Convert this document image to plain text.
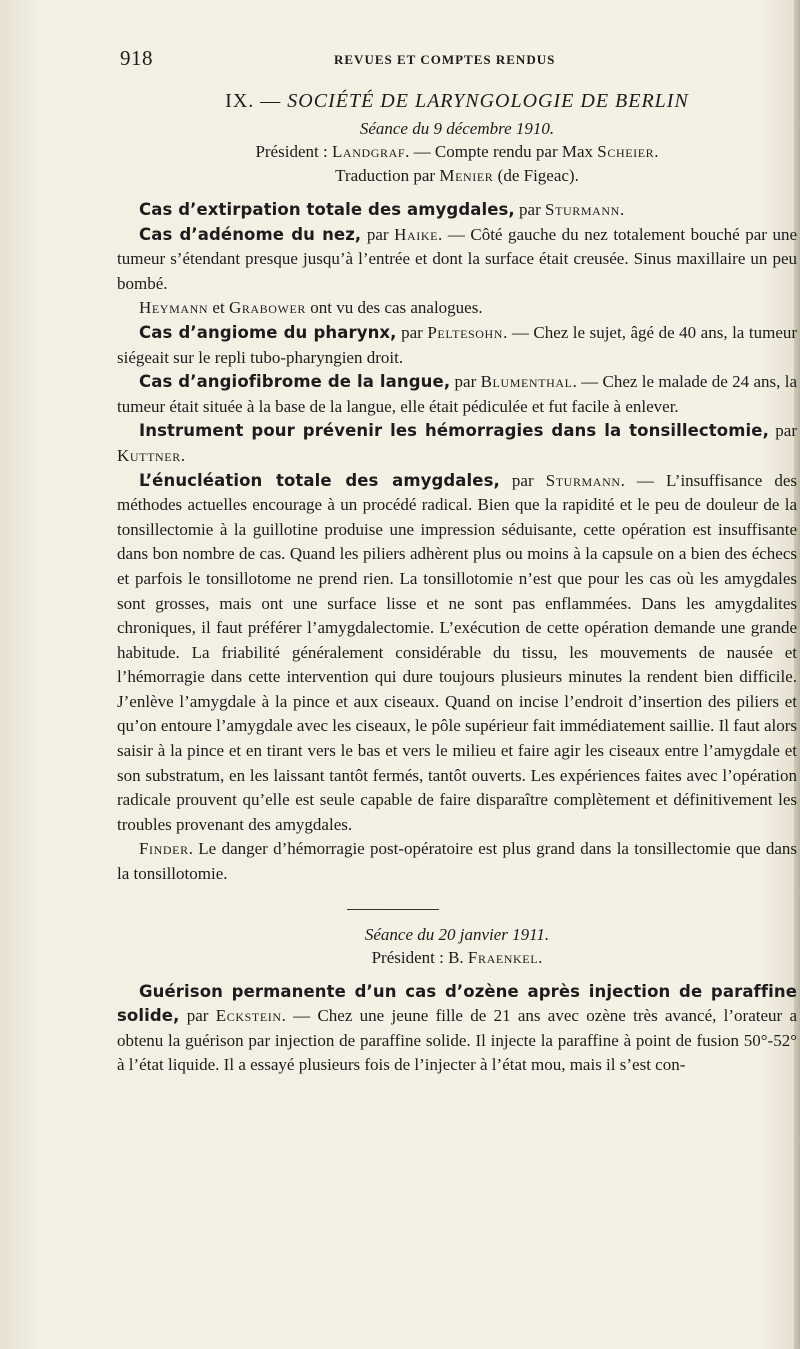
918	REVUES ET COMPTES RENDUS

IX. — SOCIÉTÉ DE LARYNGOLOGIE DE BERLIN

Séance du 9 décembre 1910.

Président : Landgraf. — Compte rendu par Max Scheier.

Traduction par Menier (de Figeac).

Cas d’extirpation totale des amygdales, par Sturmann.

Cas d’adénome du nez, par Haike. — Côté gauche du nez totalement bouché par une tumeur s’étendant presque jusqu’à l’entrée et dont la surface était creusée. Sinus maxillaire un peu bombé.

Heymann et Grabower ont vu des cas analogues.

Cas d’angiome du pharynx, par Peltesohn. — Chez le sujet, âgé de 40 ans, la tumeur siégeait sur le repli tubo-pharyngien droit.

Cas d’angiofibrome de la langue, par Blumenthal. — Chez le malade de 24 ans, la tumeur était située à la base de la langue, elle était pédiculée et fut facile à enlever.

Instrument pour prévenir les hémorragies dans la tonsillectomie, par Kuttner.

L’énucléation totale des amygdales, par Sturmann. — L’insuffisance des méthodes actuelles encourage à un procédé radical. Bien que la rapidité et le peu de douleur de la tonsillectomie à la guillotine produise une impression séduisante, cette opération est insuffisante dans bon nombre de cas. Quand les piliers adhèrent plus ou moins à la capsule on a bien des échecs et parfois le tonsillotome ne prend rien. La tonsillotomie n’est que pour les cas où les amygdales sont grosses, mais ont une surface lisse et ne sont pas enflammées. Dans les amygdalites chroniques, il faut préférer l’amygdalectomie. L’exécution de cette opération demande une grande habitude. La friabilité généralement considérable du tissu, les mouvements de nausée et l’hémorragie dans cette intervention qui dure toujours plusieurs minutes la rendent bien difficile. J’enlève l’amygdale à la pince et aux ciseaux. Quand on incise l’endroit d’insertion des piliers et qu’on entoure l’amygdale avec les ciseaux, le pôle supérieur fait immédiatement saillie. Il faut alors saisir à la pince et en tirant vers le bas et vers le milieu et faire agir les ciseaux entre l’amygdale et son substratum, en les laissant tantôt fermés, tantôt ouverts. Les expériences faites avec l’opération radicale prouvent qu’elle est seule capable de faire disparaître complètement et définitivement les troubles provenant des amygdales.

Finder. Le danger d’hémorragie post-opératoire est plus grand dans la tonsillectomie que dans la tonsillotomie.

Séance du 20 janvier 1911.

Président : B. Fraenkel.

Guérison permanente d’un cas d’ozène après injection de paraffine solide, par Eckstein. — Chez une jeune fille de 21 ans avec ozène très avancé, l’orateur a obtenu la guérison par injection de paraffine solide. Il injecte la paraffine à point de fusion 50°-52° à l’état liquide. Il a essayé plusieurs fois de l’injecter à l’état mou, mais il s’est con-
